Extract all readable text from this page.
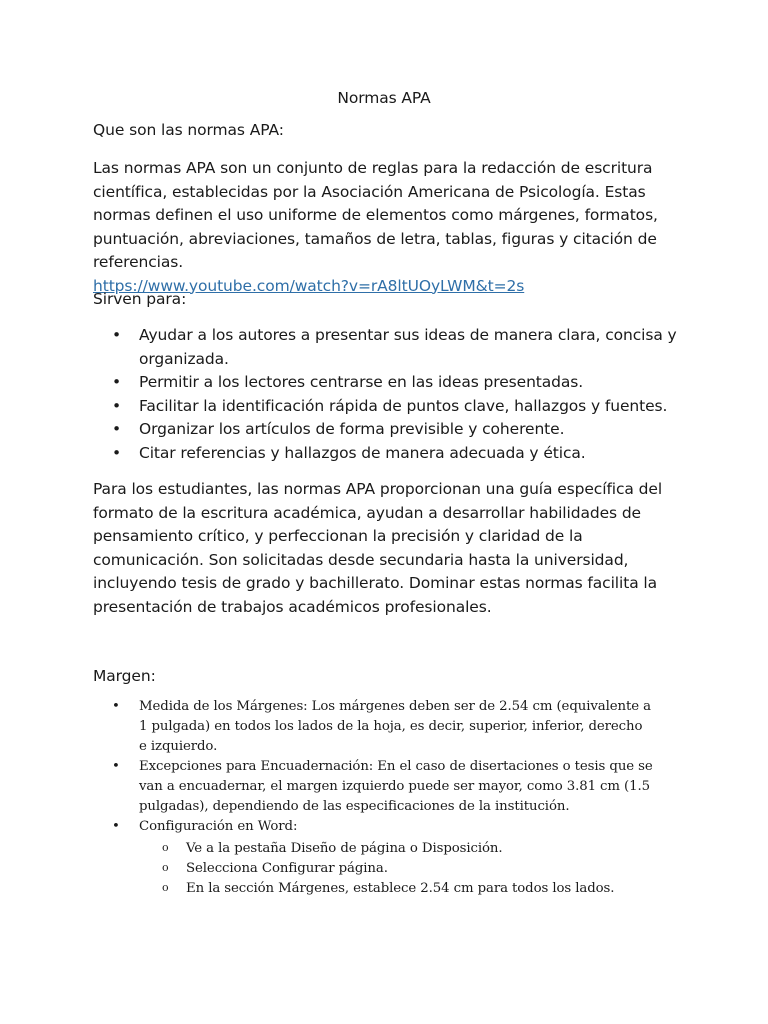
Normas APA

Que son las normas APA:

Las normas APA son un conjunto de reglas para la redacción de escritura científica, establecidas por la Asociación Americana de Psicología. Estas normas definen el uso uniforme de elementos como márgenes, formatos, puntuación, abreviaciones, tamaños de letra, tablas, figuras y citación de referencias.
https://www.youtube.com/watch?v=rA8ltUOyLWM&t=2s

Sirven para:

• Ayudar a los autores a presentar sus ideas de manera clara, concisa y organizada.
• Permitir a los lectores centrarse en las ideas presentadas.
• Facilitar la identificación rápida de puntos clave, hallazgos y fuentes.
• Organizar los artículos de forma previsible y coherente.
• Citar referencias y hallazgos de manera adecuada y ética.

Para los estudiantes, las normas APA proporcionan una guía específica del formato de la escritura académica, ayudan a desarrollar habilidades de pensamiento crítico, y perfeccionan la precisión y claridad de la comunicación. Son solicitadas desde secundaria hasta la universidad, incluyendo tesis de grado y bachillerato. Dominar estas normas facilita la presentación de trabajos académicos profesionales.

Margen:

• Medida de los Márgenes: Los márgenes deben ser de 2.54 cm (equivalente a 1 pulgada) en todos los lados de la hoja, es decir, superior, inferior, derecho e izquierdo.
• Excepciones para Encuadernación: En el caso de disertaciones o tesis que se van a encuadernar, el margen izquierdo puede ser mayor, como 3.81 cm (1.5 pulgadas), dependiendo de las especificaciones de la institución.
• Configuración en Word:
o Ve a la pestaña Diseño de página o Disposición.
o Selecciona Configurar página.
o En la sección Márgenes, establece 2.54 cm para todos los lados.
